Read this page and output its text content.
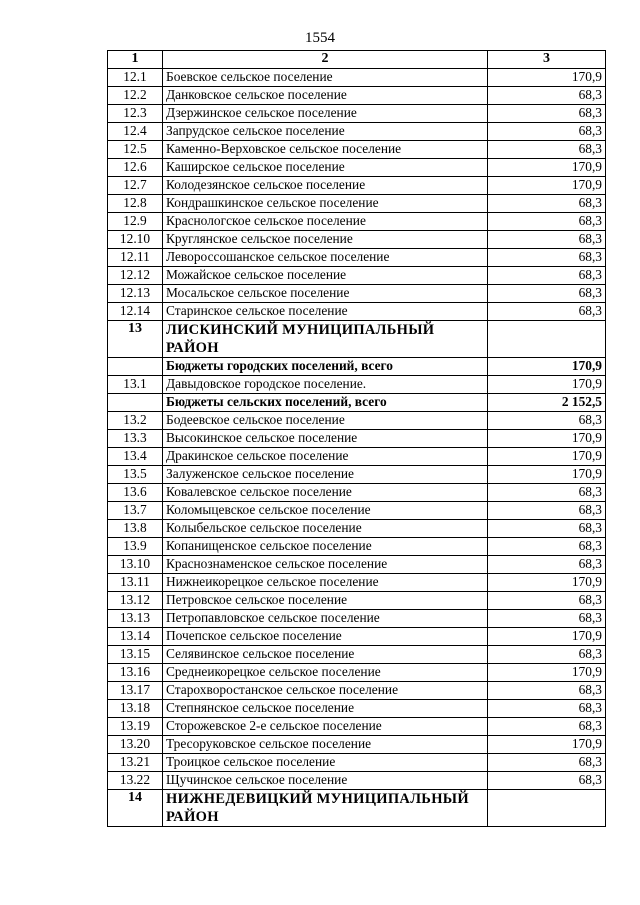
1554
1	2	3
12.1	Боевское сельское поселение	170,9
12.2	Данковское сельское поселение	68,3
12.3	Дзержинское сельское поселение	68,3
12.4	Запрудское сельское поселение	68,3
12.5	Каменно-Верховское сельское поселение	68,3
12.6	Каширское сельское поселение	170,9
12.7	Колодезянское сельское поселение	170,9
12.8	Кондрашкинское сельское поселение	68,3
12.9	Краснологское сельское поселение	68,3
12.10	Круглянское сельское поселение	68,3
12.11	Левороссошанское сельское поселение	68,3
12.12	Можайское сельское поселение	68,3
12.13	Мосальское сельское поселение	68,3
12.14	Старинское сельское поселение	68,3
13	ЛИСКИНСКИЙ МУНИЦИПАЛЬНЫЙ РАЙОН	
	Бюджеты городских поселений, всего	170,9
13.1	Давыдовское городское поселение.	170,9
	Бюджеты сельских поселений, всего	2 152,5
13.2	Бодеевское сельское поселение	68,3
13.3	Высокинское сельское поселение	170,9
13.4	Дракинское сельское поселение	170,9
13.5	Залуженское сельское поселение	170,9
13.6	Ковалевское сельское поселение	68,3
13.7	Коломыцевское сельское поселение	68,3
13.8	Колыбельское сельское поселение	68,3
13.9	Копанищенское сельское поселение	68,3
13.10	Краснознаменское сельское поселение	68,3
13.11	Нижнеикорецкое сельское поселение	170,9
13.12	Петровское сельское поселение	68,3
13.13	Петропавловское сельское поселение	68,3
13.14	Почепское сельское поселение	170,9
13.15	Селявинское сельское поселение	68,3
13.16	Среднеикорецкое сельское поселение	170,9
13.17	Старохворостанское сельское поселение	68,3
13.18	Степнянское сельское поселение	68,3
13.19	Сторожевское 2-е сельское поселение	68,3
13.20	Тресоруковское сельское поселение	170,9
13.21	Троицкое сельское поселение	68,3
13.22	Щучинское сельское поселение	68,3
14	НИЖНЕДЕВИЦКИЙ МУНИЦИПАЛЬНЫЙ РАЙОН	
